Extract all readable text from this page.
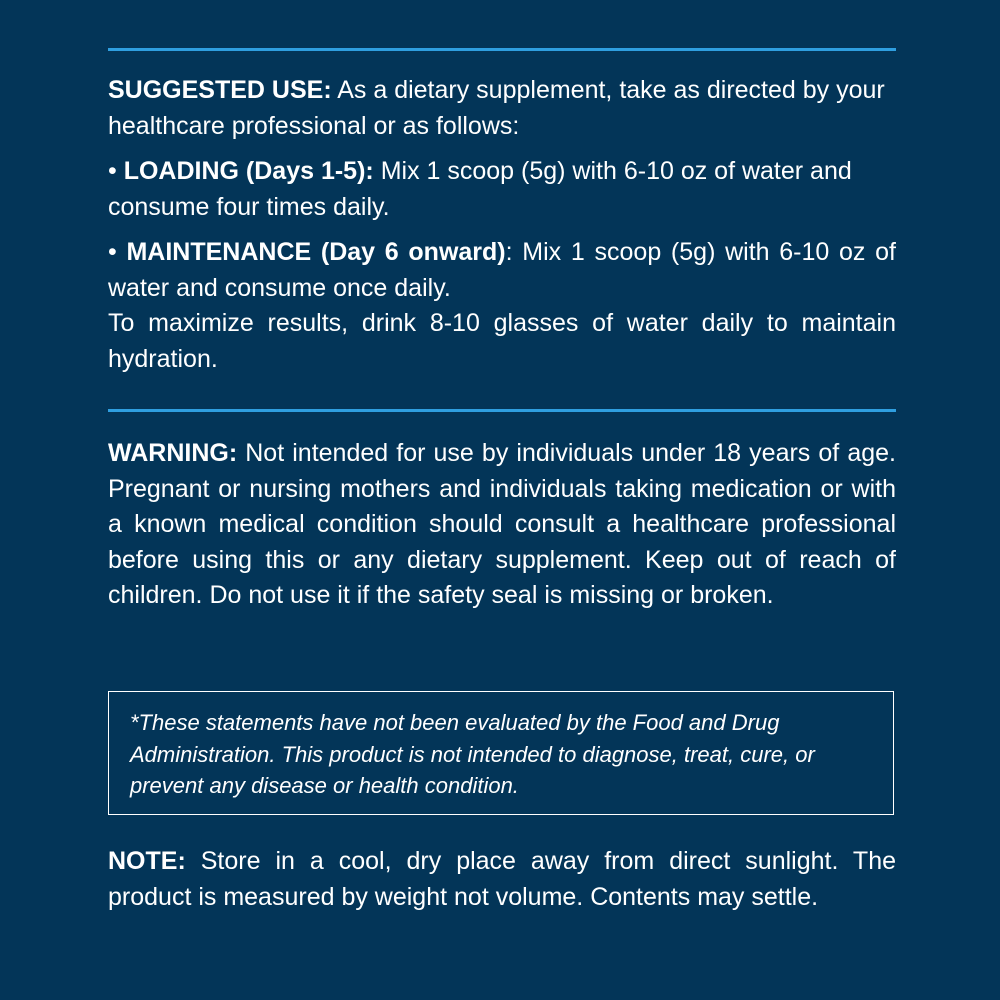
SUGGESTED USE: As a dietary supplement, take as directed by your healthcare professional or as follows:

• LOADING (Days 1-5): Mix 1 scoop (5g) with 6-10 oz of water and consume four times daily.

• MAINTENANCE (Day 6 onward): Mix 1 scoop (5g) with 6-10 oz of water and consume once daily.

To maximize results, drink 8-10 glasses of water daily to maintain hydration.

WARNING: Not intended for use by individuals under 18 years of age. Pregnant or nursing mothers and individuals taking medication or with a known medical condition should consult a healthcare professional before using this or any dietary supplement. Keep out of reach of children. Do not use it if the safety seal is missing or broken.

*These statements have not been evaluated by the Food and Drug Administration. This product is not intended to diagnose, treat, cure, or prevent any disease or health condition.

NOTE: Store in a cool, dry place away from direct sunlight. The product is measured by weight not volume. Contents may settle.
